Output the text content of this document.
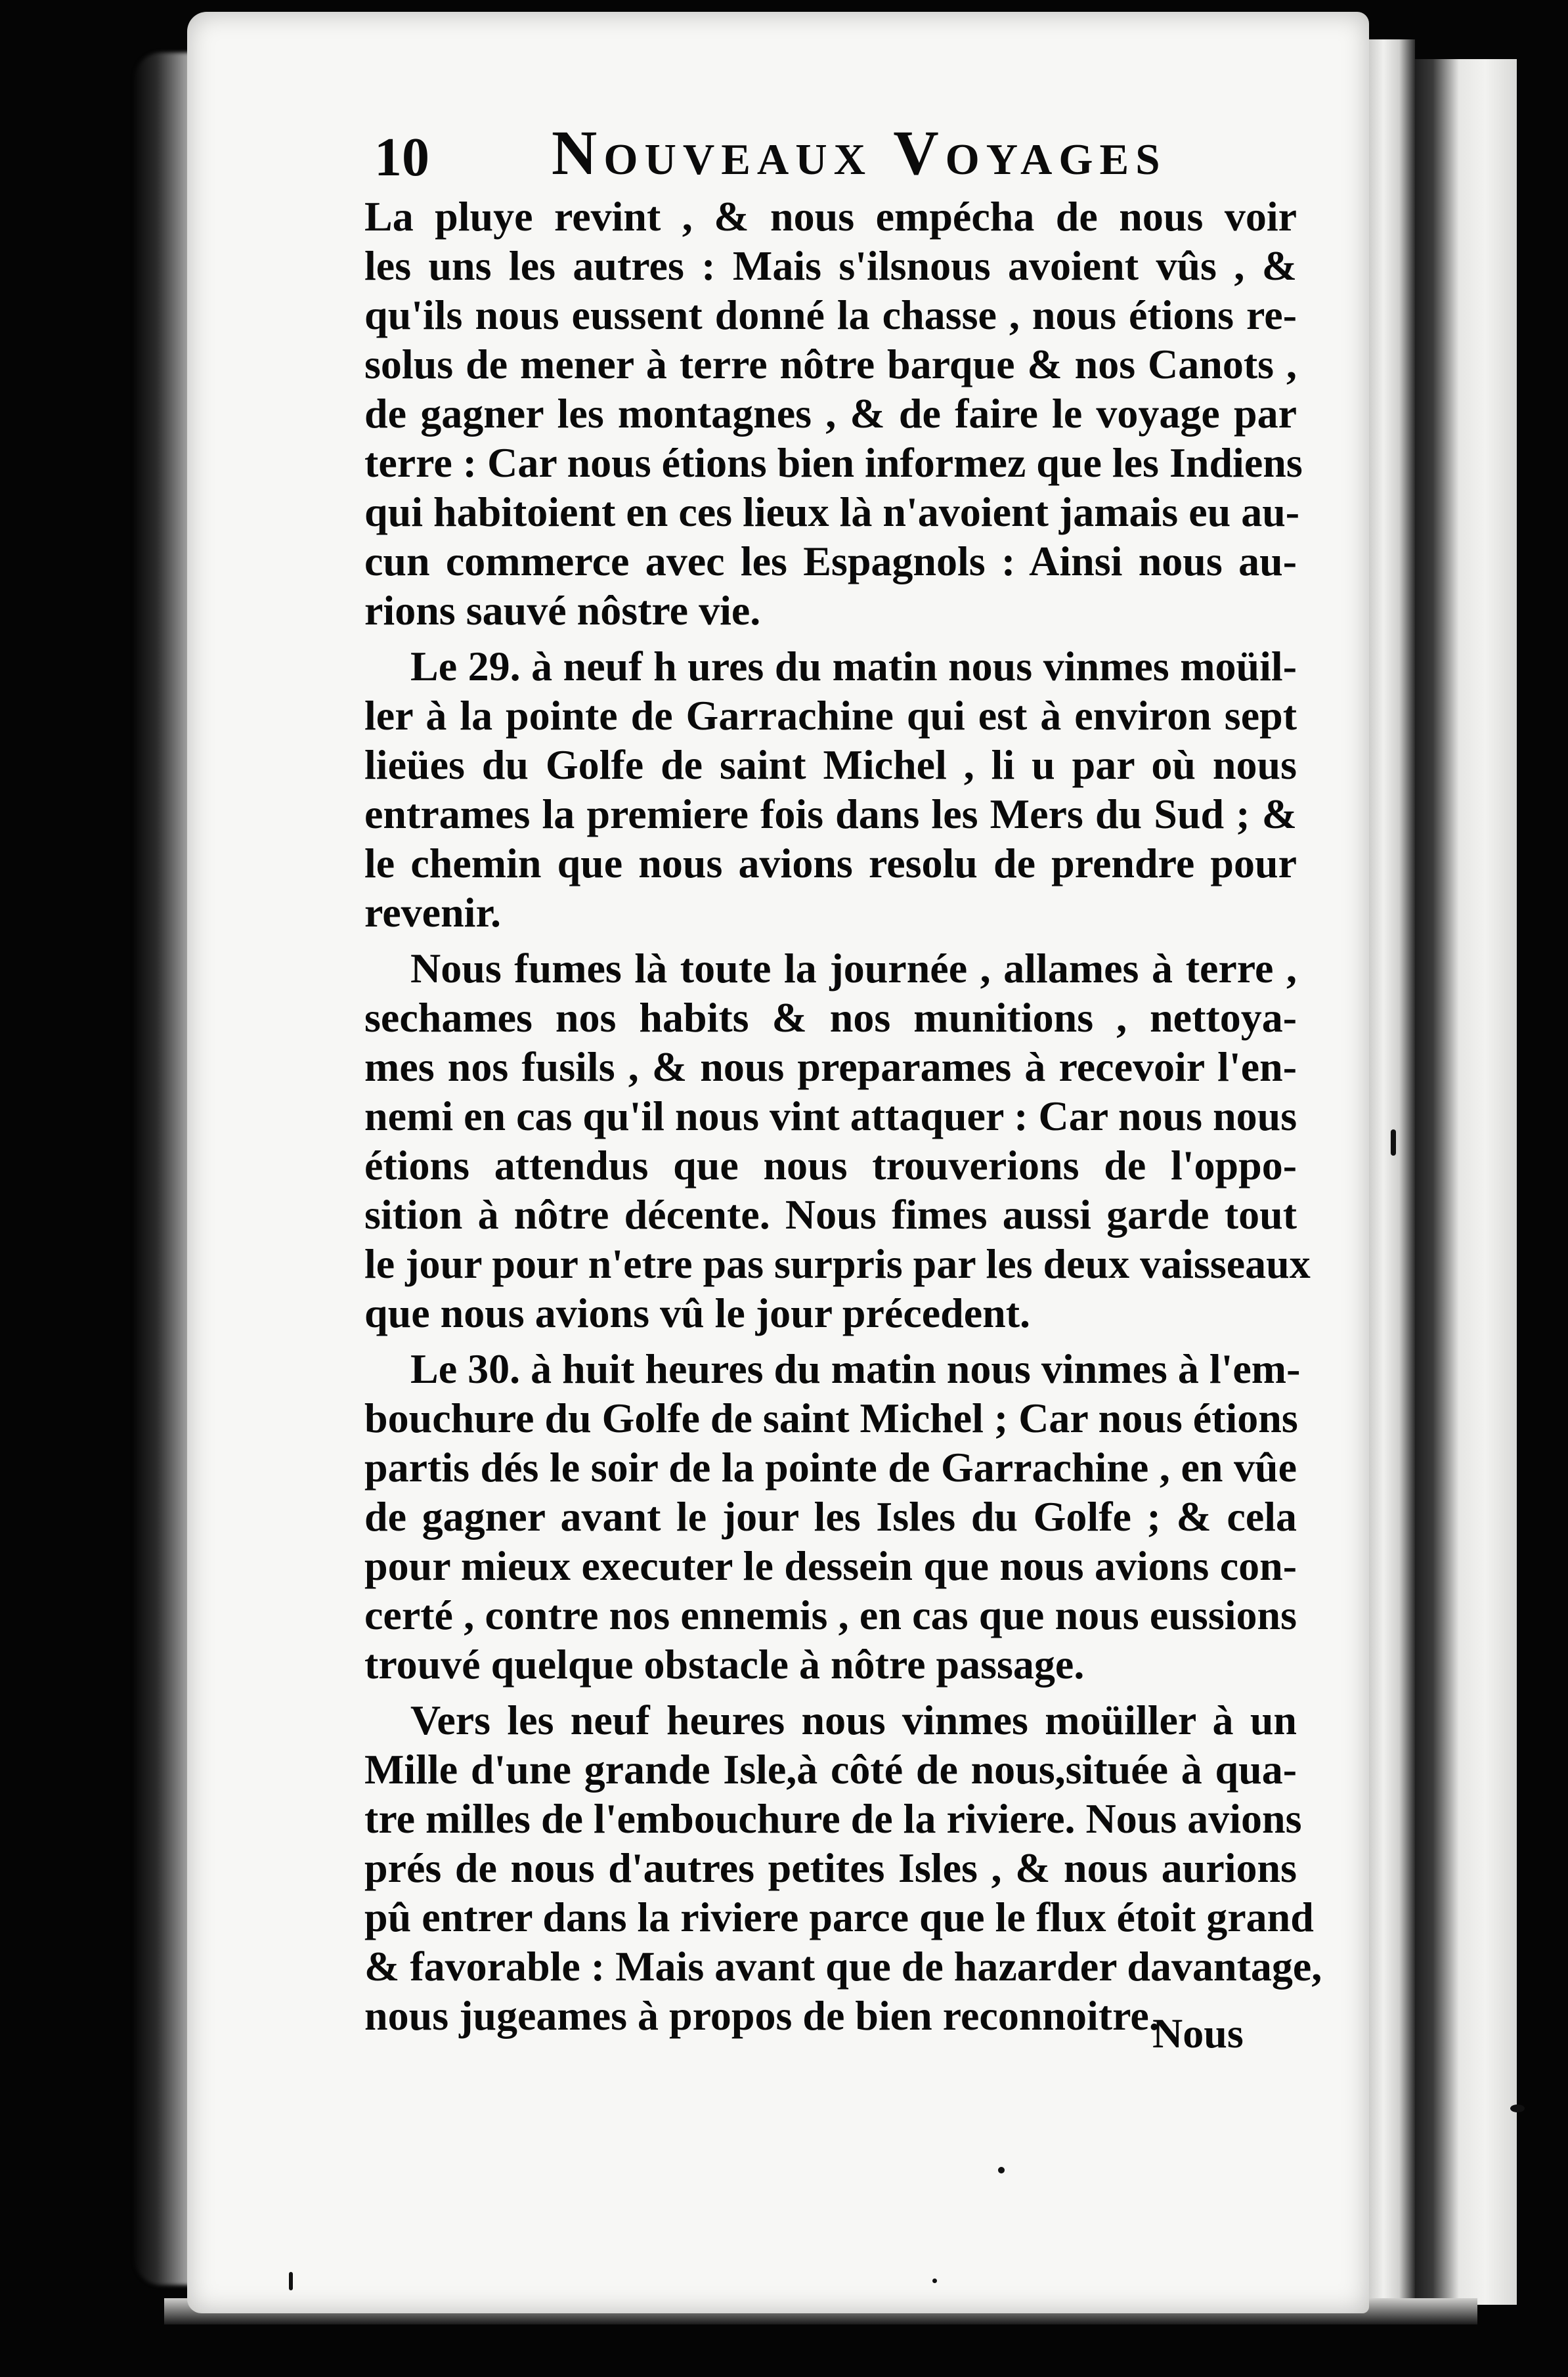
10 Nouveaux Voyages
La pluye revint , & nous empécha de nous voir
les uns les autres : Mais s'ilsnous avoient vûs , &
qu'ils nous eussent donné la chasse , nous étions re-
solus de mener à terre nôtre barque & nos Canots ,
de gagner les montagnes , & de faire le voyage par
terre : Car nous étions bien informez que les Indiens
qui habitoient en ces lieux là n'avoient jamais eu au-
cun commerce avec les Espagnols : Ainsi nous au-
rions sauvé nôstre vie.
Le 29. à neuf h ures du matin nous vinmes moüil-
ler à la pointe de Garrachine qui est à environ sept
lieües du Golfe de saint Michel , li u par où nous
entrames la premiere fois dans les Mers du Sud ; &
le chemin que nous avions resolu de prendre pour
revenir.
Nous fumes là toute la journée , allames à terre ,
sechames nos habits & nos munitions , nettoya-
mes nos fusils , & nous preparames à recevoir l'en-
nemi en cas qu'il nous vint attaquer : Car nous nous
étions attendus que nous trouverions de l'oppo-
sition à nôtre décente. Nous fimes aussi garde tout
le jour pour n'etre pas surpris par les deux vaisseaux
que nous avions vû le jour précedent.
Le 30. à huit heures du matin nous vinmes à l'em-
bouchure du Golfe de saint Michel ; Car nous étions
partis dés le soir de la pointe de Garrachine , en vûe
de gagner avant le jour les Isles du Golfe ; & cela
pour mieux executer le dessein que nous avions con-
certé , contre nos ennemis , en cas que nous eussions
trouvé quelque obstacle à nôtre passage.
Vers les neuf heures nous vinmes moüiller à un
Mille d'une grande Isle,à côté de nous,située à qua-
tre milles de l'embouchure de la riviere. Nous avions
prés de nous d'autres petites Isles , & nous aurions
pû entrer dans la riviere parce que le flux étoit grand
& favorable : Mais avant que de hazarder davantage,
nous jugeames à propos de bien reconnoitre.
Nous
